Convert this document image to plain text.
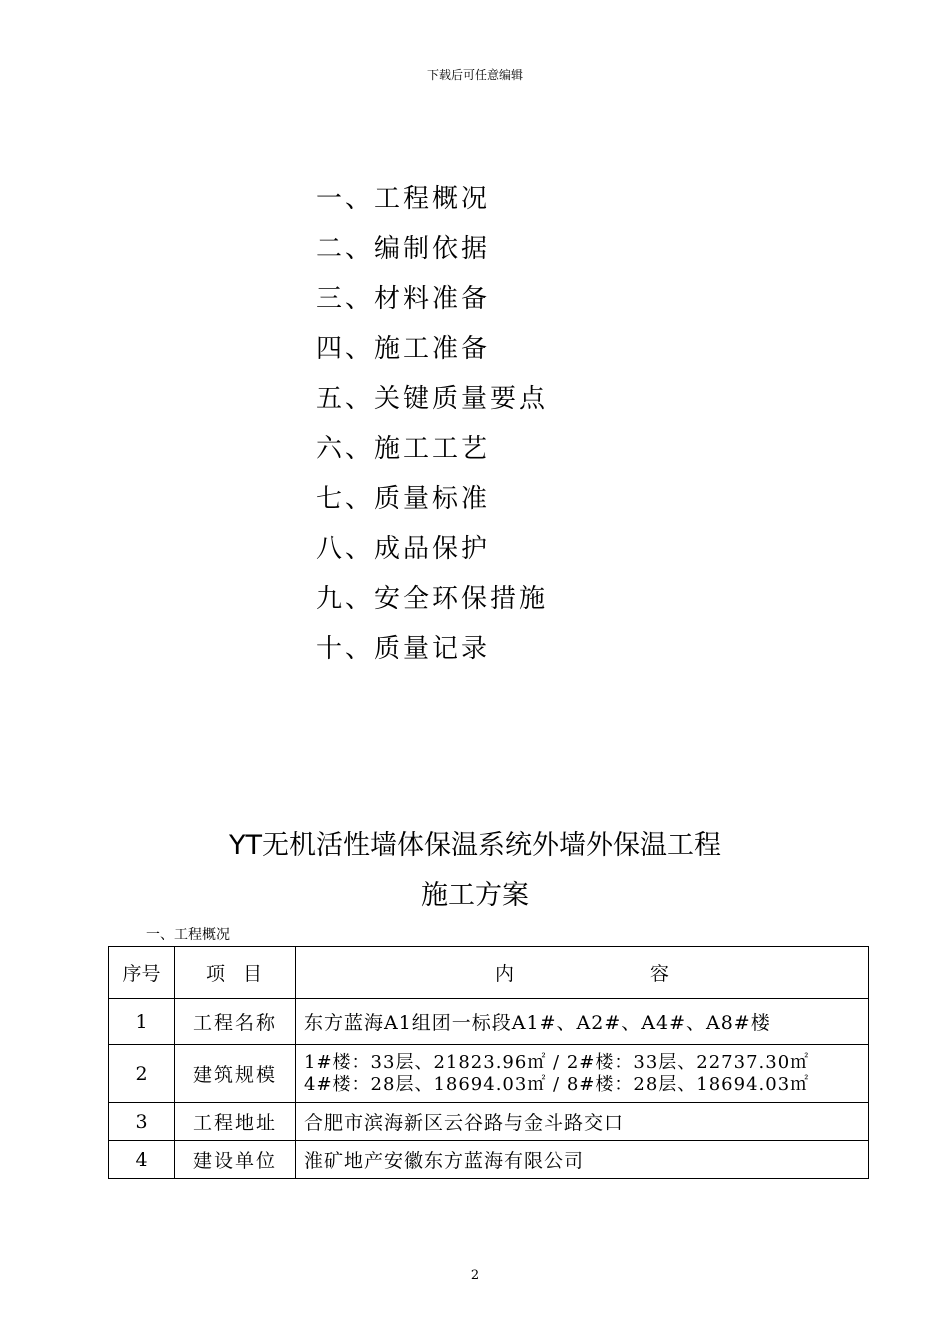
下载后可任意编辑
一、工程概况
二、编制依据
三、材料准备
四、施工准备
五、关键质量要点
六、施工工艺
七、质量标准
八、成品保护
九、安全环保措施
十、质量记录
YT无机活性墙体保温系统外墙外保温工程
施工方案
一、工程概况
序号	项  目	内 容
1	工程名称	东方蓝海A1组团一标段A1#、A2#、A4#、A8#楼
2	建筑规模	1#楼：33层、21823.96㎡ / 2#楼：33层、22737.30㎡
4#楼：28层、18694.03㎡ / 8#楼：28层、18694.03㎡

3	工程地址	合肥市滨海新区云谷路与金斗路交口
4	建设单位	淮矿地产安徽东方蓝海有限公司
2
